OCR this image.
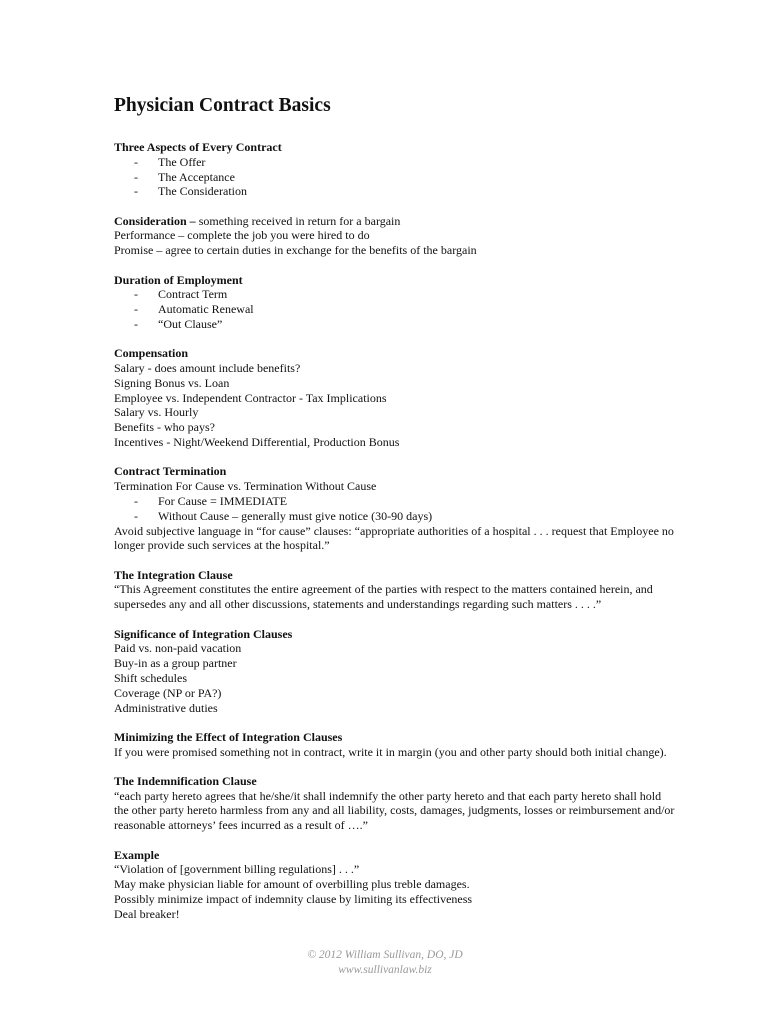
Physician Contract Basics
Three Aspects of Every Contract
- The Offer
- The Acceptance
- The Consideration
Consideration – something received in return for a bargain
Performance – complete the job you were hired to do
Promise – agree to certain duties in exchange for the benefits of the bargain
Duration of Employment
- Contract Term
- Automatic Renewal
- “Out Clause”
Compensation
Salary - does amount include benefits?
Signing Bonus vs. Loan
Employee vs. Independent Contractor - Tax Implications
Salary vs. Hourly
Benefits - who pays?
Incentives - Night/Weekend Differential, Production Bonus
Contract Termination
Termination For Cause vs. Termination Without Cause
- For Cause = IMMEDIATE
- Without Cause – generally must give notice (30-90 days)
Avoid subjective language in “for cause” clauses: “appropriate authorities of a hospital . . . request that Employee no
longer provide such services at the hospital.”
The Integration Clause
“This Agreement constitutes the entire agreement of the parties with respect to the matters contained herein, and
supersedes any and all other discussions, statements and understandings regarding such matters . . . .”
Significance of Integration Clauses
Paid vs. non-paid vacation
Buy-in as a group partner
Shift schedules
Coverage (NP or PA?)
Administrative duties
Minimizing the Effect of Integration Clauses
If you were promised something not in contract, write it in margin (you and other party should both initial change).
The Indemnification Clause
“each party hereto agrees that he/she/it shall indemnify the other party hereto and that each party hereto shall hold
the other party hereto harmless from any and all liability, costs, damages, judgments, losses or reimbursement and/or
reasonable attorneys’ fees incurred as a result of ….”
Example
“Violation of [government billing regulations] . . .”
May make physician liable for amount of overbilling plus treble damages.
Possibly minimize impact of indemnity clause by limiting its effectiveness
Deal breaker!
© 2012 William Sullivan, DO, JD
www.sullivanlaw.biz
